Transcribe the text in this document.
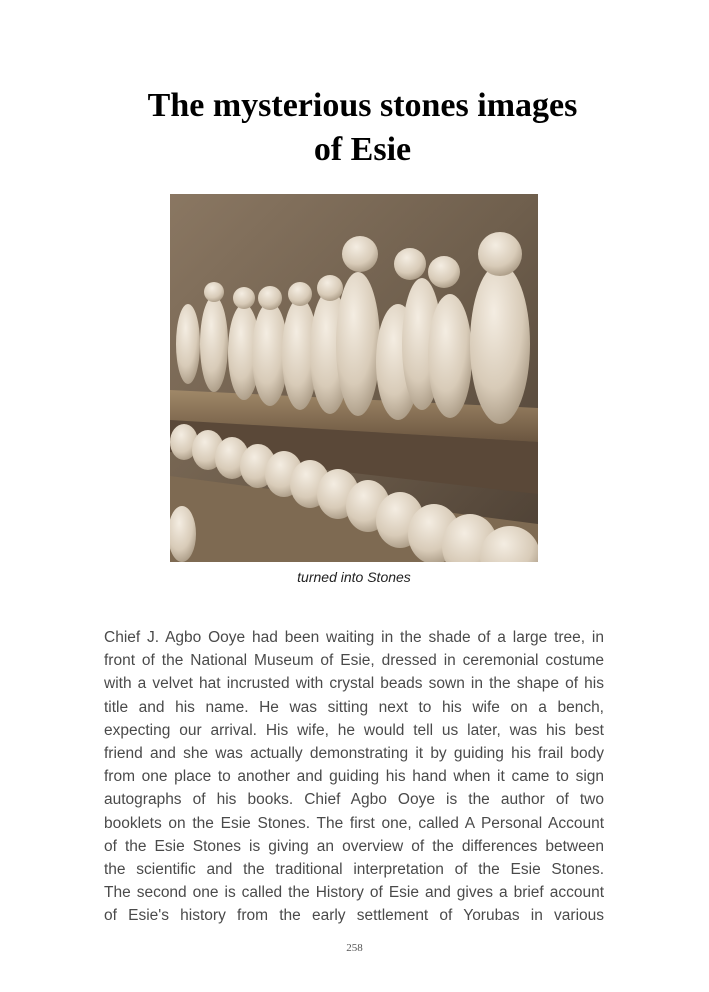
The mysterious stones images
of Esie

turned into Stones

Chief J. Agbo Ooye had been waiting in the shade of a large tree, in
front of the National Museum of Esie, dressed in ceremonial costume
with a velvet hat incrusted with crystal beads sown in the shape of his
title and his name. He was sitting next to his wife on a bench,
expecting our arrival. His wife, he would tell us later, was his best
friend and she was actually demonstrating it by guiding his frail body
from one place to another and guiding his hand when it came to sign
autographs of his books. Chief Agbo Ooye is the author of two
booklets on the Esie Stones. The first one, called A Personal Account
of the Esie Stones is giving an overview of the differences between
the scientific and the traditional interpretation of the Esie Stones.
The second one is called the History of Esie and gives a brief account
of Esie's history from the early settlement of Yorubas in various
258
